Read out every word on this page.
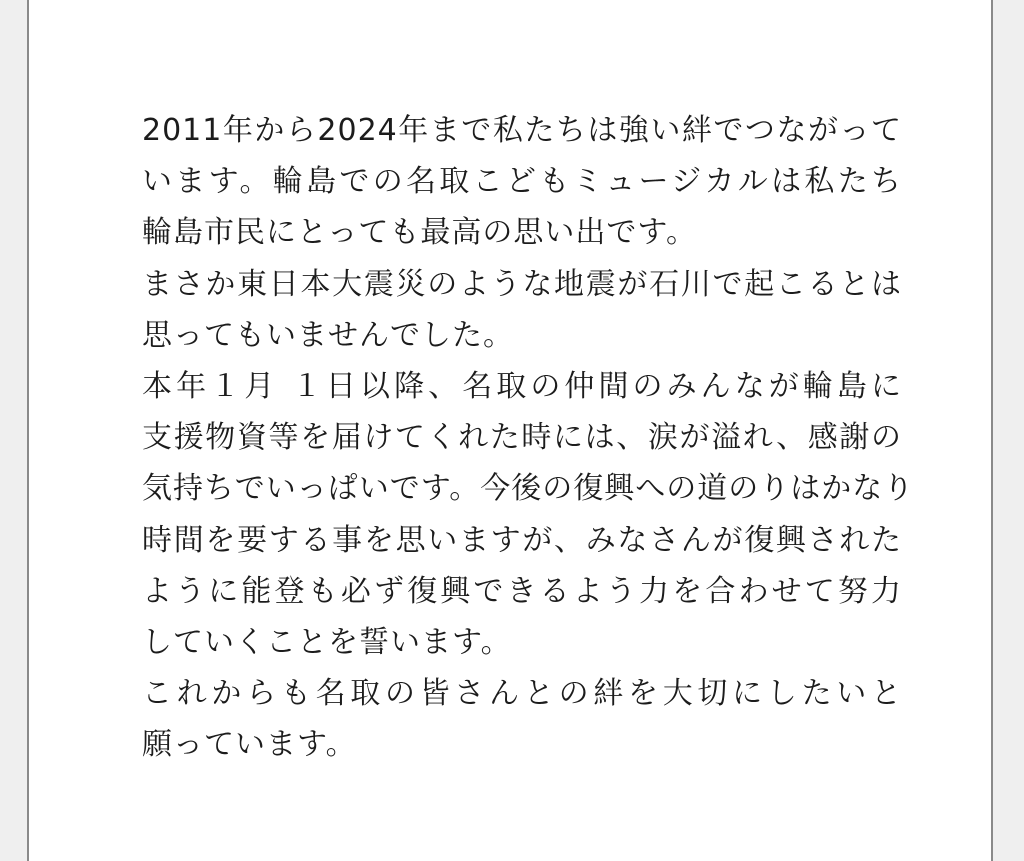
2011年から2024年まで私たちは強い絆でつながって
います。輪島での名取こどもミュージカルは私たち
輪島市民にとっても最高の思い出です。
まさか東日本大震災のような地震が石川で起こるとは
思ってもいませんでした。
本年１月 １日以降、名取の仲間のみんなが輪島に
支援物資等を届けてくれた時には、涙が溢れ、感謝の
気持ちでいっぱいです。今後の復興への道のりはかなり
時間を要する事を思いますが、みなさんが復興された
ように能登も必ず復興できるよう力を合わせて努力
していくことを誓います。
これからも名取の皆さんとの絆を大切にしたいと
願っています。
